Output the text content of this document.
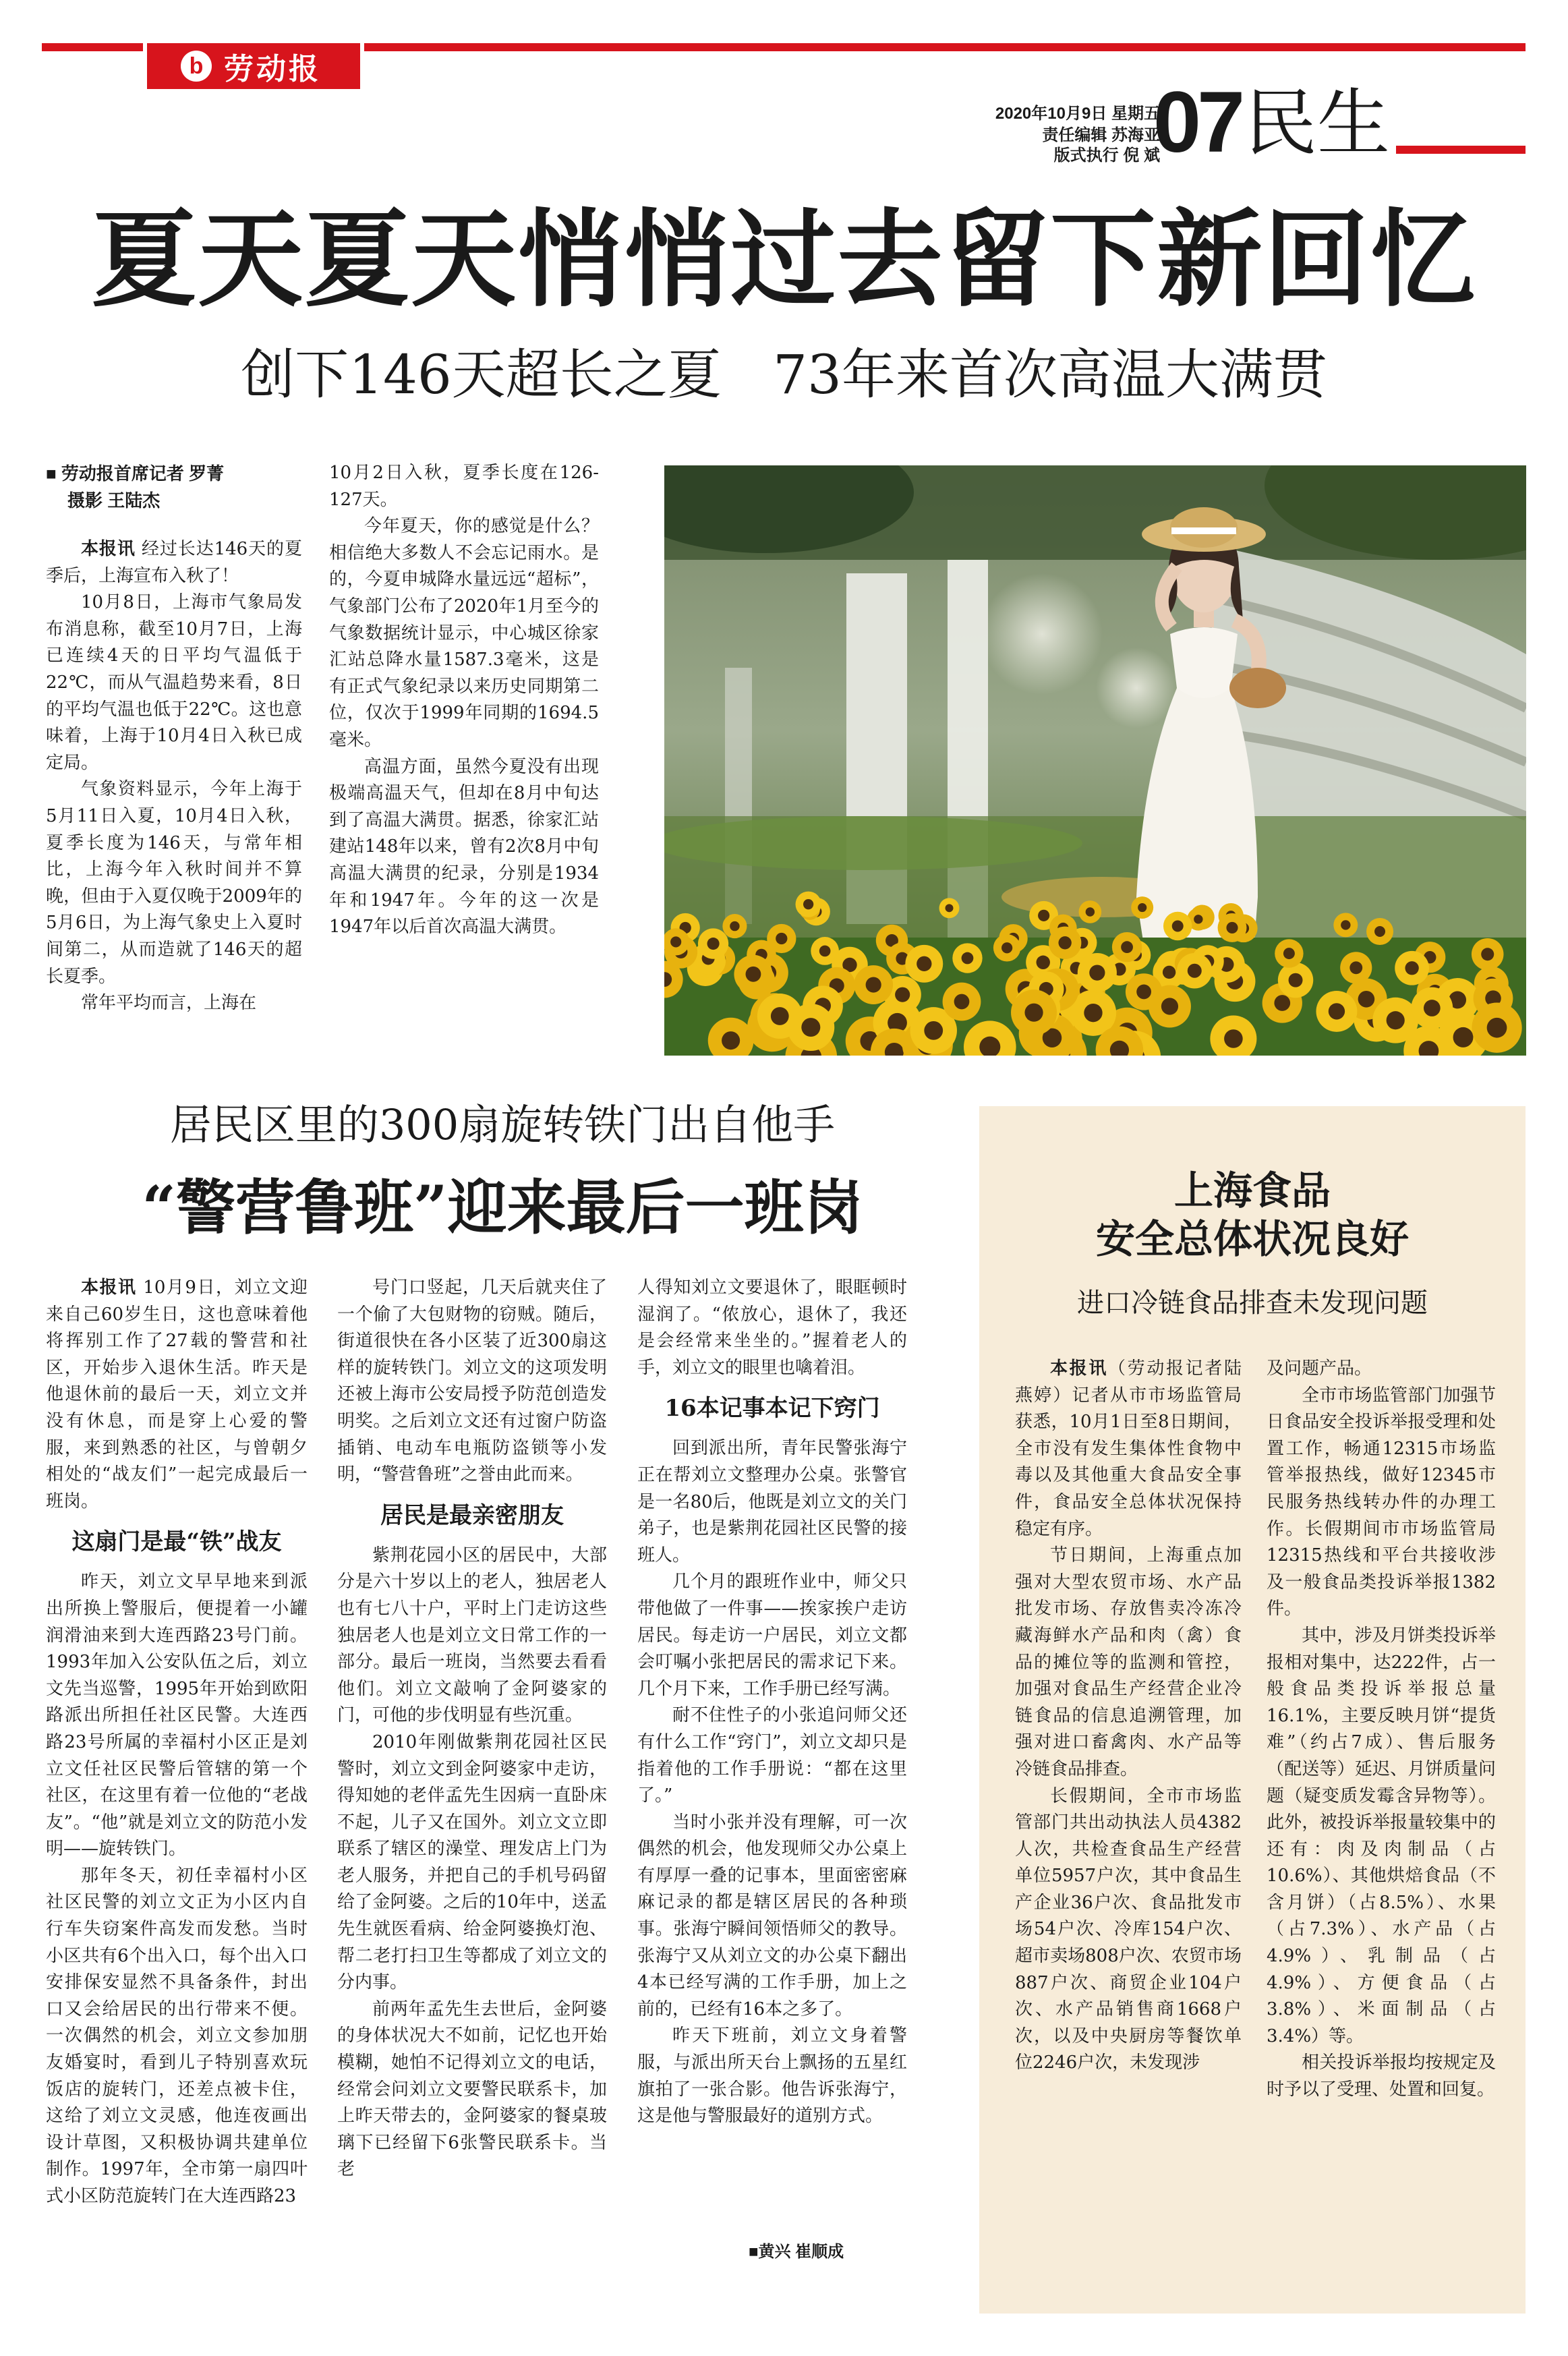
b 劳动报
2020年10月9日 星期五
责任编辑 苏海亚
版式执行 倪 斌
07 民生
夏天夏天悄悄过去留下新回忆
创下146天超长之夏   73年来首次高温大满贯
■ 劳动报首席记者 罗菁
摄影 王陆杰

本报讯 经过长达146天的夏季后，上海宣布入秋了！

10月8日，上海市气象局发布消息称，截至10月7日，上海已连续4天的日平均气温低于22℃，而从气温趋势来看，8日的平均气温也低于22℃。这也意味着，上海于10月4日入秋已成定局。

气象资料显示，今年上海于5月11日入夏，10月4日入秋，夏季长度为146天，与常年相比，上海今年入秋时间并不算晚，但由于入夏仅晚于2009年的5月6日，为上海气象史上入夏时间第二，从而造就了146天的超长夏季。

常年平均而言，上海在

10月2日入秋，夏季长度在126-127天。

今年夏天，你的感觉是什么？相信绝大多数人不会忘记雨水。是的，今夏申城降水量远远“超标”，气象部门公布了2020年1月至今的气象数据统计显示，中心城区徐家汇站总降水量1587.3毫米，这是有正式气象纪录以来历史同期第二位，仅次于1999年同期的1694.5毫米。

高温方面，虽然今夏没有出现极端高温天气，但却在8月中旬达到了高温大满贯。据悉，徐家汇站建站148年以来，曾有2次8月中旬高温大满贯的纪录，分别是1934年和1947年。今年的这一次是1947年以后首次高温大满贯。

居民区里的300扇旋转铁门出自他手
“警营鲁班”迎来最后一班岗

本报讯 10月9日，刘立文迎来自己60岁生日，这也意味着他将挥别工作了27载的警营和社区，开始步入退休生活。昨天是他退休前的最后一天，刘立文并没有休息，而是穿上心爱的警服，来到熟悉的社区，与曾朝夕相处的“战友们”一起完成最后一班岗。

这扇门是最“铁”战友

昨天，刘立文早早地来到派出所换上警服后，便提着一小罐润滑油来到大连西路23号门前。1993年加入公安队伍之后，刘立文先当巡警，1995年开始到欧阳路派出所担任社区民警。大连西路23号所属的幸福村小区正是刘立文任社区民警后管辖的第一个社区，在这里有着一位他的“老战友”。“他”就是刘立文的防范小发明——旋转铁门。

那年冬天，初任幸福村小区社区民警的刘立文正为小区内自行车失窃案件高发而发愁。当时小区共有6个出入口，每个出入口安排保安显然不具备条件，封出口又会给居民的出行带来不便。一次偶然的机会，刘立文参加朋友婚宴时，看到儿子特别喜欢玩饭店的旋转门，还差点被卡住，这给了刘立文灵感，他连夜画出设计草图，又积极协调共建单位制作。1997年，全市第一扇四叶式小区防范旋转门在大连西路23

号门口竖起，几天后就夹住了一个偷了大包财物的窃贼。随后，街道很快在各小区装了近300扇这样的旋转铁门。刘立文的这项发明还被上海市公安局授予防范创造发明奖。之后刘立文还有过窗户防盗插销、电动车电瓶防盗锁等小发明，“警营鲁班”之誉由此而来。

居民是最亲密朋友

紫荆花园小区的居民中，大部分是六十岁以上的老人，独居老人也有七八十户，平时上门走访这些独居老人也是刘立文日常工作的一部分。最后一班岗，当然要去看看他们。刘立文敲响了金阿婆家的门，可他的步伐明显有些沉重。

2010年刚做紫荆花园社区民警时，刘立文到金阿婆家中走访，得知她的老伴孟先生因病一直卧床不起，儿子又在国外。刘立文立即联系了辖区的澡堂、理发店上门为老人服务，并把自己的手机号码留给了金阿婆。之后的10年中，送孟先生就医看病、给金阿婆换灯泡、帮二老打扫卫生等都成了刘立文的分内事。

前两年孟先生去世后，金阿婆的身体状况大不如前，记忆也开始模糊，她怕不记得刘立文的电话，经常会问刘立文要警民联系卡，加上昨天带去的，金阿婆家的餐桌玻璃下已经留下6张警民联系卡。当老

人得知刘立文要退休了，眼眶顿时湿润了。“侬放心，退休了，我还是会经常来坐坐的。”握着老人的手，刘立文的眼里也噙着泪。

16本记事本记下窍门

回到派出所，青年民警张海宁正在帮刘立文整理办公桌。张警官是一名80后，他既是刘立文的关门弟子，也是紫荆花园社区民警的接班人。

几个月的跟班作业中，师父只带他做了一件事——挨家挨户走访居民。每走访一户居民，刘立文都会叮嘱小张把居民的需求记下来。几个月下来，工作手册已经写满。

耐不住性子的小张追问师父还有什么工作“窍门”，刘立文却只是指着他的工作手册说：“都在这里了。”

当时小张并没有理解，可一次偶然的机会，他发现师父办公桌上有厚厚一叠的记事本，里面密密麻麻记录的都是辖区居民的各种琐事。张海宁瞬间领悟师父的教导。张海宁又从刘立文的办公桌下翻出4本已经写满的工作手册，加上之前的，已经有16本之多了。

昨天下班前，刘立文身着警服，与派出所天台上飘扬的五星红旗拍了一张合影。他告诉张海宁，这是他与警服最好的道别方式。

■黄兴 崔顺成
上海食品
安全总体状况良好
进口冷链食品排查未发现问题

本报讯（劳动报记者陆燕婷）记者从市市场监管局获悉，10月1日至8日期间，全市没有发生集体性食物中毒以及其他重大食品安全事件，食品安全总体状况保持稳定有序。

节日期间，上海重点加强对大型农贸市场、水产品批发市场、存放售卖冷冻冷藏海鲜水产品和肉（禽）食品的摊位等的监测和管控，加强对食品生产经营企业冷链食品的信息追溯管理，加强对进口畜禽肉、水产品等冷链食品排查。

长假期间，全市市场监管部门共出动执法人员4382人次，共检查食品生产经营单位5957户次，其中食品生产企业36户次、食品批发市场54户次、冷库154户次、超市卖场808户次、农贸市场887户次、商贸企业104户次、水产品销售商1668户次，以及中央厨房等餐饮单位2246户次，未发现涉

及问题产品。

全市市场监管部门加强节日食品安全投诉举报受理和处置工作，畅通12315市场监管举报热线，做好12345市民服务热线转办件的办理工作。长假期间市市场监管局12315热线和平台共接收涉及一般食品类投诉举报1382件。

其中，涉及月饼类投诉举报相对集中，达222件，占一般食品类投诉举报总量16.1%，主要反映月饼“提货难”（约占7成）、售后服务（配送等）延迟、月饼质量问题（疑变质发霉含异物等）。此外，被投诉举报量较集中的还有：肉及肉制品（占10.6%）、其他烘焙食品（不含月饼）（占8.5%）、水果（占7.3%）、水产品（占4.9%）、乳制品（占4.9%）、方便食品（占3.8%）、米面制品（占3.4%）等。

相关投诉举报均按规定及时予以了受理、处置和回复。
